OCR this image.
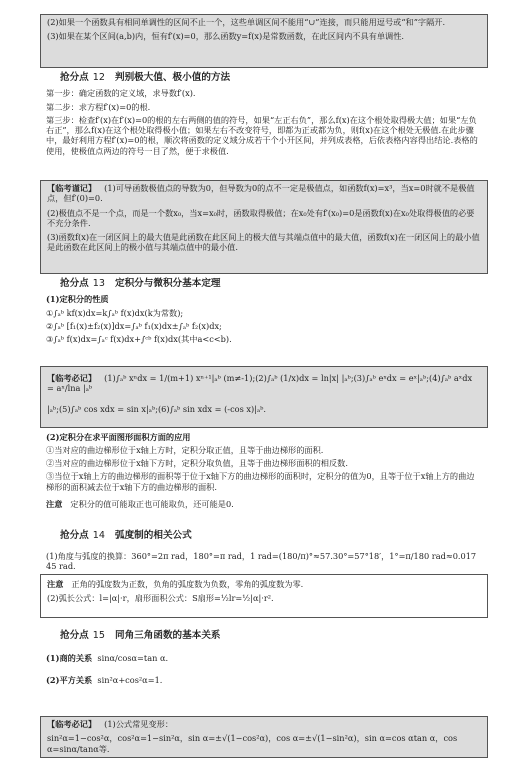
(2)如果一个函数具有相同单调性的区间不止一个，这些单调区间不能用“∪”连接，而只能用逗号或“和”字隔开.

(3)如果在某个区间(a,b)内，恒有f′(x)=0，那么函数y=f(x)是常数函数，在此区间内不具有单调性.

抢分点 12 判别极大值、极小值的方法
第一步：确定函数的定义域，求导数f′(x).
第二步：求方程f′(x)=0的根.
第三步：检查f′(x)在f′(x)=0的根的左右两侧的值的符号，如果“左正右负”，那么f(x)在这个根处取得极大值；如果“左负右正”，那么f(x)在这个根处取得极小值；如果左右不改变符号，即都为正或都为负，则f(x)在这个根处无极值.在此步骤中，最好利用方程f′(x)=0的根，顺次将函数的定义域分成若干个小开区间，并列成表格，后依表格内容得出结论.表格的使用，使极值点两边的符号一目了然，便于求极值.

【临考谨记】 (1)可导函数极值点的导数为0，但导数为0的点不一定是极值点，如函数f(x)=x³，当x=0时就不是极值点，但f′(0)=0.

(2)极值点不是一个点，而是一个数x₀，当x=x₀时，函数取得极值；在x₀处有f′(x₀)=0是函数f(x)在x₀处取得极值的必要不充分条件.

(3)函数f(x)在一闭区间上的最大值是此函数在此区间上的极大值与其端点值中的最大值，函数f(x)在一闭区间上的最小值是此函数在此区间上的极小值与其端点值中的最小值.

抢分点 13 定积分与微积分基本定理
(1)定积分的性质
①∫ₐᵇ kf(x)dx=k∫ₐᵇ f(x)dx(k为常数);
②∫ₐᵇ [f₁(x)±f₂(x)]dx=∫ₐᵇ f₁(x)dx±∫ₐᵇ f₂(x)dx;
③∫ₐᵇ f(x)dx=∫ₐᶜ f(x)dx+∫ᶜᵇ f(x)dx(其中a<c<b).

【临考必记】 (1)∫ₐᵇ xⁿdx = 1/(m+1) xⁿ⁺¹|ₐᵇ (m≠-1);(2)∫ₐᵇ (1/x)dx = ln|x| |ₐᵇ;(3)∫ₐᵇ eˣdx = eˣ|ₐᵇ;(4)∫ₐᵇ aˣdx = aˣ/lna |ₐᵇ

|ₐᵇ;(5)∫ₐᵇ cos xdx = sin x|ₐᵇ;(6)∫ₐᵇ sin xdx = (-cos x)|ₐᵇ.

(2)定积分在求平面图形面积方面的应用
①当对应的曲边梯形位于x轴上方时，定积分取正值，且等于曲边梯形的面积.
②当对应的曲边梯形位于x轴下方时，定积分取负值，且等于曲边梯形面积的相反数.
③当位于x轴上方的曲边梯形的面积等于位于x轴下方的曲边梯形的面积时，定积分的值为0，且等于位于x轴上方的曲边梯形的面积减去位于x轴下方的曲边梯形的面积.
注意 定积分的值可能取正也可能取负，还可能是0.
抢分点 14 弧度制的相关公式
(1)角度与弧度的换算：360°=2π rad，180°=π rad，1 rad=(180/π)°≈57.30°=57°18′，1°=π/180 rad≈0.017 45 rad.

注意 正角的弧度数为正数，负角的弧度数为负数，零角的弧度数为零.

(2)弧长公式：l=|α|·r，扇形面积公式：S扇形=½lr=½|α|·r².

抢分点 15 同角三角函数的基本关系
(1)商的关系 sinα/cosα=tan α.
(2)平方关系 sin²α+cos²α=1.

【临考必记】 (1)公式常见变形：

sin²α=1−cos²α，cos²α=1−sin²α，sin α=±√(1−cos²α)，cos α=±√(1−sin²α)，sin α=cos αtan α，cos α=sinα/tanα等.
